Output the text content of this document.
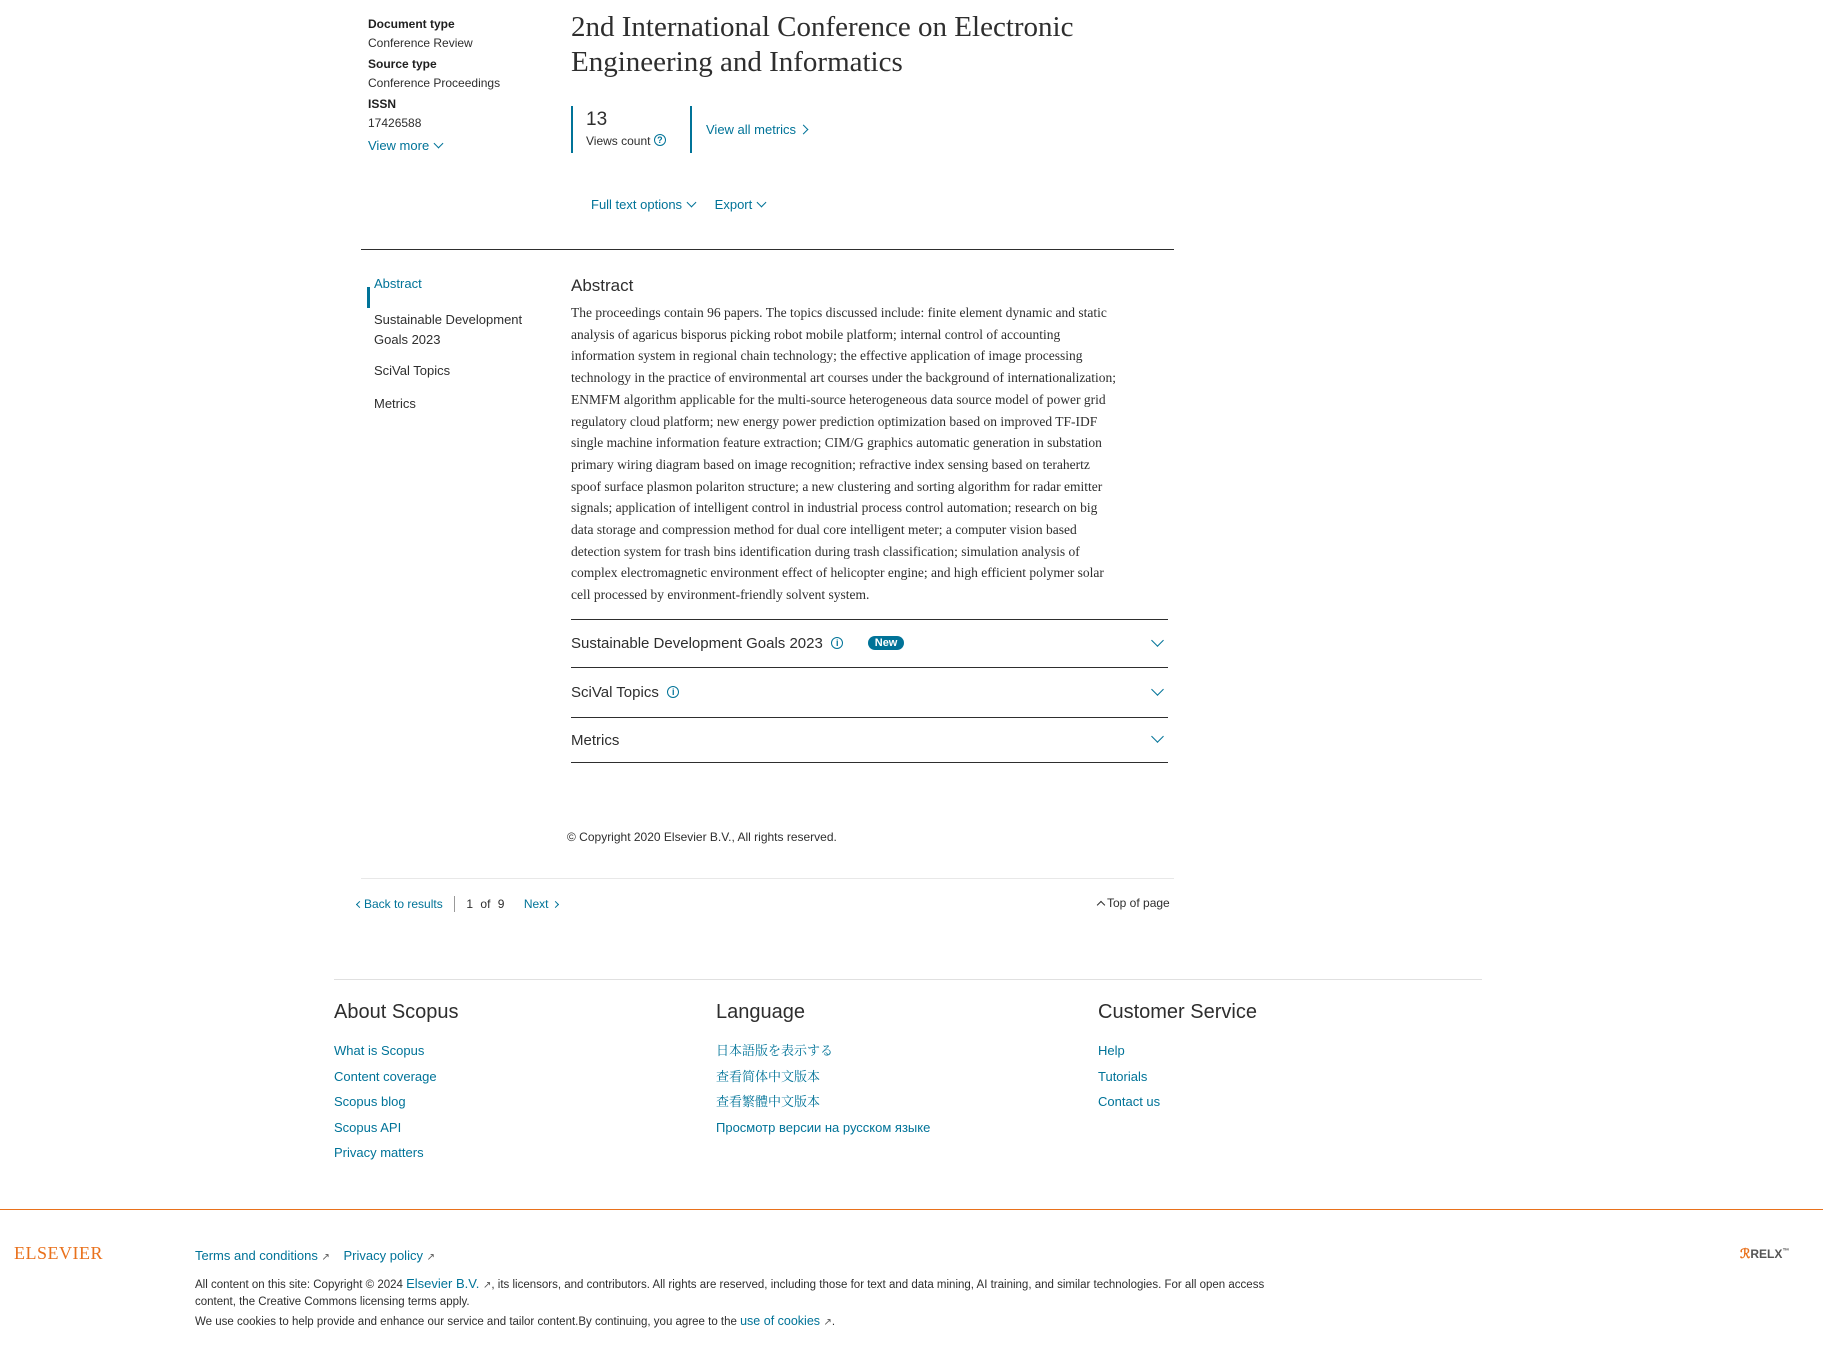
Document type
Conference Review
Source type
Conference Proceedings
ISSN
17426588
View more
2nd International Conference on Electronic
Engineering and Informatics
13
Views count ?
View all metrics
Full text options	Export
Abstract
Sustainable Development Goals 2023
SciVal Topics
Metrics
Abstract
The proceedings contain 96 papers. The topics discussed include: finite element dynamic and static
analysis of agaricus bisporus picking robot mobile platform; internal control of accounting
information system in regional chain technology; the effective application of image processing
technology in the practice of environmental art courses under the background of internationalization;
ENMFM algorithm applicable for the multi-source heterogeneous data source model of power grid
regulatory cloud platform; new energy power prediction optimization based on improved TF-IDF
single machine information feature extraction; CIM/G graphics automatic generation in substation
primary wiring diagram based on image recognition; refractive index sensing based on terahertz
spoof surface plasmon polariton structure; a new clustering and sorting algorithm for radar emitter
signals; application of intelligent control in industrial process control automation; research on big
data storage and compression method for dual core intelligent meter; a computer vision based
detection system for trash bins identification during trash classification; simulation analysis of
complex electromagnetic environment effect of helicopter engine; and high efficient polymer solar
cell processed by environment-friendly solvent system.
Sustainable Development Goals 2023 i	New
SciVal Topics i
Metrics
© Copyright 2020 Elsevier B.V., All rights reserved.
Back to results 1 of 9 Next	Top of page
About Scopus
What is Scopus
Content coverage
Scopus blog
Scopus API
Privacy matters
Language
日本語版を表示する
查看简体中文版本
查看繁體中文版本
Просмотр версии на русском языке
Customer Service
Help
Tutorials
Contact us
ELSEVIER	Terms and conditions ↗ Privacy policy ↗
All content on this site: Copyright © 2024 Elsevier B.V. ↗, its licensors, and contributors. All rights are reserved, including those for text and data mining, AI training, and similar technologies. For all open access
content, the Creative Commons licensing terms apply.
We use cookies to help provide and enhance our service and tailor content.By continuing, you agree to the use of cookies ↗.
ℛRELX™
